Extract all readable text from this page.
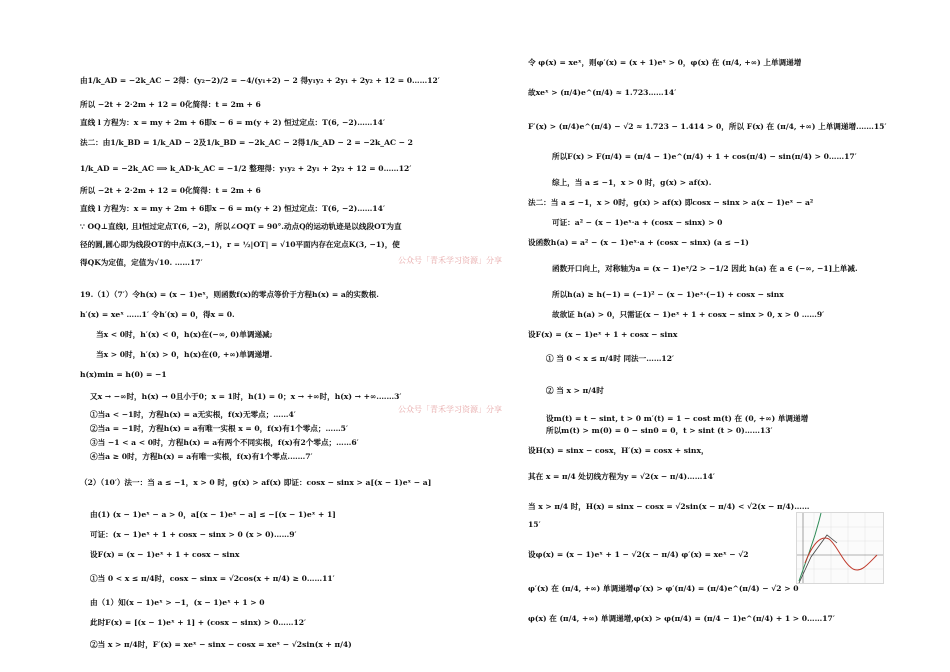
由1/k_AD = −2k_AC − 2得：(y₂−2)/2 = −4/(y₁+2) − 2 得y₁y₂ + 2y₁ + 2y₂ + 12 = 0……12′
所以 −2t + 2·2m + 12 = 0化简得：t = 2m + 6
直线 l 方程为：x = my + 2m + 6即x − 6 = m(y + 2) 恒过定点：T(6, −2)……14′
法二：由1/k_BD = 1/k_AD − 2及1/k_BD = −2k_AC − 2得1/k_AD − 2 = −2k_AC − 2
1/k_AD = −2k_AC ⟹ k_AD·k_AC = −1/2 整理得：y₁y₂ + 2y₁ + 2y₂ + 12 = 0……12′
所以 −2t + 2·2m + 12 = 0化简得：t = 2m + 6
直线 l 方程为：x = my + 2m + 6即x − 6 = m(y + 2) 恒过定点：T(6, −2)……14′
∵ OQ⊥直线l, 且l恒过定点T(6, −2)，所以∠OQT = 90°.动点Q的运动轨迹是以线段OT为直
径的圆,圆心即为线段OT的中点K(3,−1)，r = ½|OT| = √10平面内存在定点K(3, −1)，使
得QK为定值，定值为√10. ……17′
19.（1）（7′）令h(x) = (x − 1)eˣ，则函数f(x)的零点等价于方程h(x) = a的实数根.
h′(x) = xeˣ ……1′ 令h′(x) = 0，得x = 0.
当x < 0时，h′(x) < 0，h(x)在(−∞, 0)单调递减;
当x > 0时，h′(x) > 0，h(x)在(0, +∞)单调递增.
h(x)min = h(0) = −1
又x → −∞时，h(x) → 0且小于0；x = 1时，h(1) = 0；x → +∞时，h(x) → +∞.……3′
①当a < −1时，方程h(x) = a无实根，f(x)无零点；……4′
②当a = −1时，方程h(x) = a有唯一实根 x = 0，f(x)有1个零点；……5′
③当 −1 < a < 0时，方程h(x) = a有两个不同实根，f(x)有2个零点；……6′
④当a ≥ 0时，方程h(x) = a有唯一实根，f(x)有1个零点.……7′
（2）（10′）法一：当 a ≤ −1，x > 0 时，g(x) > af(x) 即证：cosx − sinx > a[(x − 1)eˣ − a]
由(1) (x − 1)eˣ − a > 0，a[(x − 1)eˣ − a] ≤ −[(x − 1)eˣ + 1]
可证：(x − 1)eˣ + 1 + cosx − sinx > 0 (x > 0)……9′
设F(x) = (x − 1)eˣ + 1 + cosx − sinx
①当 0 < x ≤ π/4时，cosx − sinx = √2cos(x + π/4) ≥ 0……11′
由（1）知(x − 1)eˣ > −1，(x − 1)eˣ + 1 > 0
此时F(x) = [(x − 1)eˣ + 1] + (cosx − sinx) > 0……12′
②当 x > π/4时，F′(x) = xeˣ − sinx − cosx = xeˣ − √2sin(x + π/4)
令 φ(x) = xeˣ，则φ′(x) = (x + 1)eˣ > 0，φ(x) 在 (π/4, +∞) 上单调递增
故xeˣ > (π/4)e^(π/4) ≈ 1.723……14′
F′(x) > (π/4)e^(π/4) − √2 ≈ 1.723 − 1.414 > 0，所以 F(x) 在 (π/4, +∞) 上单调递增.……15′
所以F(x) > F(π/4) = (π/4 − 1)e^(π/4) + 1 + cos(π/4) − sin(π/4) > 0……17′
综上，当 a ≤ −1，x > 0 时，g(x) > af(x).
法二：当 a ≤ −1，x > 0时，g(x) > af(x) 即cosx − sinx > a(x − 1)eˣ − a²
可证：a² − (x − 1)eˣ·a + (cosx − sinx) > 0
设函数h(a) = a² − (x − 1)eˣ·a + (cosx − sinx) (a ≤ −1)
函数开口向上，对称轴为a = (x − 1)eˣ/2 > −1/2 因此 h(a) 在 a ∈ (−∞, −1]上单减.
所以h(a) ≥ h(−1) = (−1)² − (x − 1)eˣ·(−1) + cosx − sinx
故欲证 h(a) > 0，只需证(x − 1)eˣ + 1 + cosx − sinx > 0, x > 0 ……9′
设F(x) = (x − 1)eˣ + 1 + cosx − sinx
① 当 0 < x ≤ π/4时 同法一……12′
② 当 x > π/4时
设m(t) = t − sint, t > 0 m′(t) = 1 − cost m(t) 在 (0, +∞) 单调递增
所以m(t) > m(0) = 0 − sin0 = 0，t > sint (t > 0)……13′
设H(x) = sinx − cosx，H′(x) = cosx + sinx，
其在 x = π/4 处切线方程为y = √2(x − π/4)……14′
当 x > π/4 时，H(x) = sinx − cosx = √2sin(x − π/4) < √2(x − π/4)……
15′
设φ(x) = (x − 1)eˣ + 1 − √2(x − π/4) φ′(x) = xeˣ − √2
φ′(x) 在 (π/4, +∞) 单调递增φ′(x) > φ′(π/4) = (π/4)e^(π/4) − √2 > 0
φ(x) 在 (π/4, +∞) 单调递增,φ(x) > φ(π/4) = (π/4 − 1)e^(π/4) + 1 > 0……17′
公众号「青禾学习资源」分享
公众号「青禾学习资源」分享
